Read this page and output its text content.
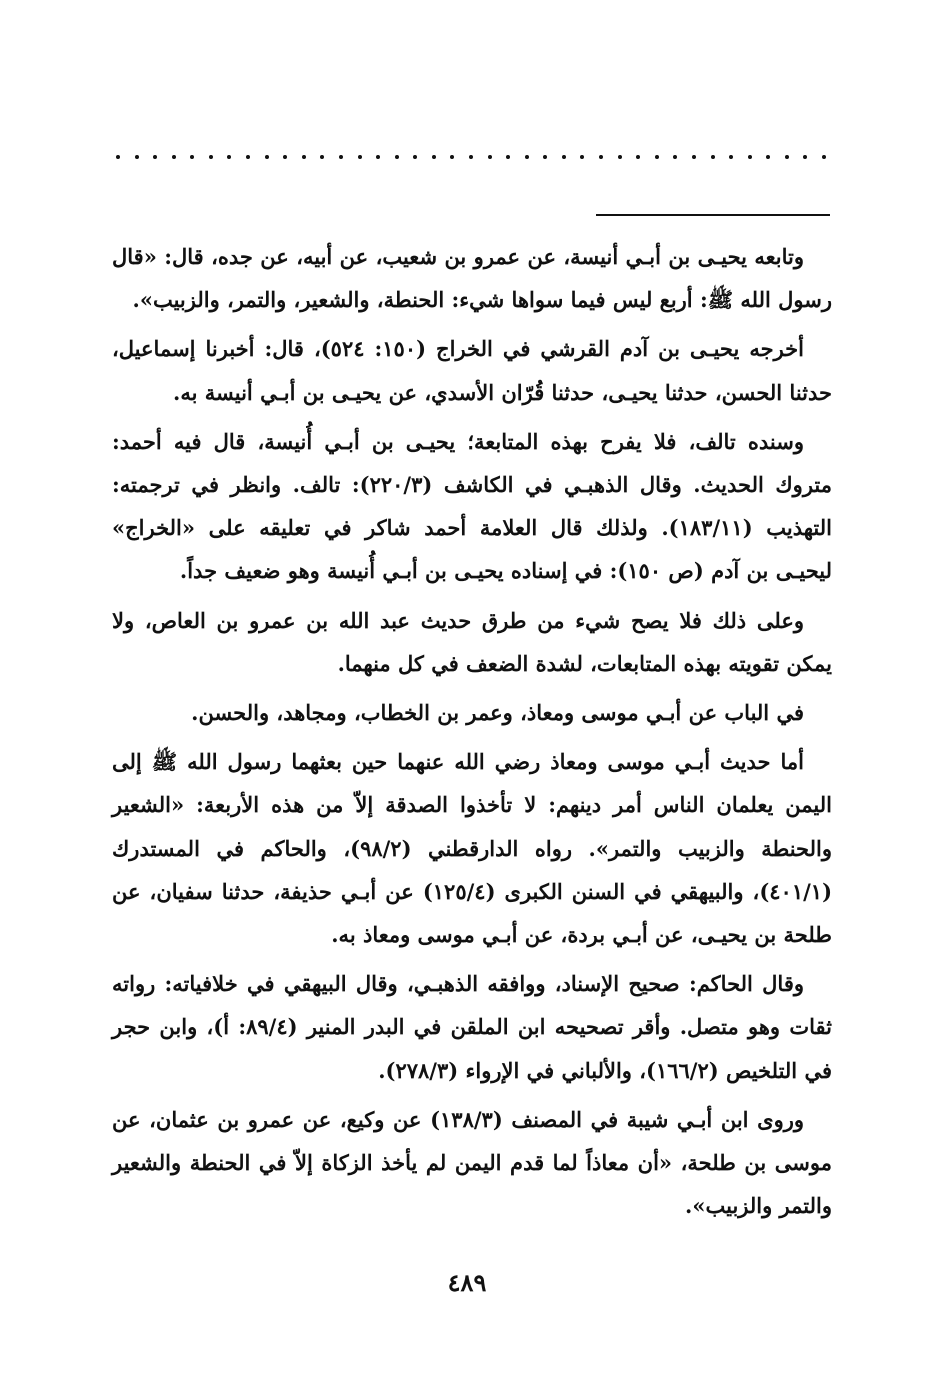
وتابعه يحيـى بن أبـي أنيسة، عن عمرو بن شعيب، عن أبيه، عن جده، قال: «قال رسول الله ﷺ: أربع ليس فيما سواها شيء: الحنطة، والشعير، والتمر، والزبيب».

أخرجه يحيـى بن آدم القرشي في الخراج (١٥٠: ٥٢٤)، قال: أخبرنا إسماعيل، حدثنا الحسن، حدثنا يحيـى، حدثنا قُرّان الأسدي، عن يحيـى بن أبـي أنيسة به.

وسنده تالف، فلا يفرح بهذه المتابعة؛ يحيـى بن أبـي أُنيسة، قال فيه أحمد: متروك الحديث. وقال الذهبـي في الكاشف (٢٢٠/٣): تالف. وانظر في ترجمته: التهذيب (١٨٣/١١). ولذلك قال العلامة أحمد شاكر في تعليقه على «الخراج» ليحيـى بن آدم (ص ١٥٠): في إسناده يحيـى بن أبـي أُنيسة وهو ضعيف جداً.

وعلى ذلك فلا يصح شيء من طرق حديث عبد الله بن عمرو بن العاص، ولا يمكن تقويته بهذه المتابعات، لشدة الضعف في كل منهما.

في الباب عن أبـي موسى ومعاذ، وعمر بن الخطاب، ومجاهد، والحسن.

أما حديث أبـي موسى ومعاذ رضي الله عنهما حين بعثهما رسول الله ﷺ إلى اليمن يعلمان الناس أمر دينهم: لا تأخذوا الصدقة إلاّ من هذه الأربعة: «الشعير والحنطة والزبيب والتمر». رواه الدارقطني (٩٨/٢)، والحاكم في المستدرك (٤٠١/١)، والبيهقي في السنن الكبرى (١٢٥/٤) عن أبـي حذيفة، حدثنا سفيان، عن طلحة بن يحيـى، عن أبـي بردة، عن أبـي موسى ومعاذ به.

وقال الحاكم: صحيح الإسناد، ووافقه الذهبـي، وقال البيهقي في خلافياته: رواته ثقات وهو متصل. وأقر تصحيحه ابن الملقن في البدر المنير (٨٩/٤: أ)، وابن حجر في التلخيص (١٦٦/٢)، والألباني في الإرواء (٢٧٨/٣).

وروى ابن أبـي شيبة في المصنف (١٣٨/٣) عن وكيع، عن عمرو بن عثمان، عن موسى بن طلحة، «أن معاذاً لما قدم اليمن لم يأخذ الزكاة إلاّ في الحنطة والشعير والتمر والزبيب».

٤٨٩
